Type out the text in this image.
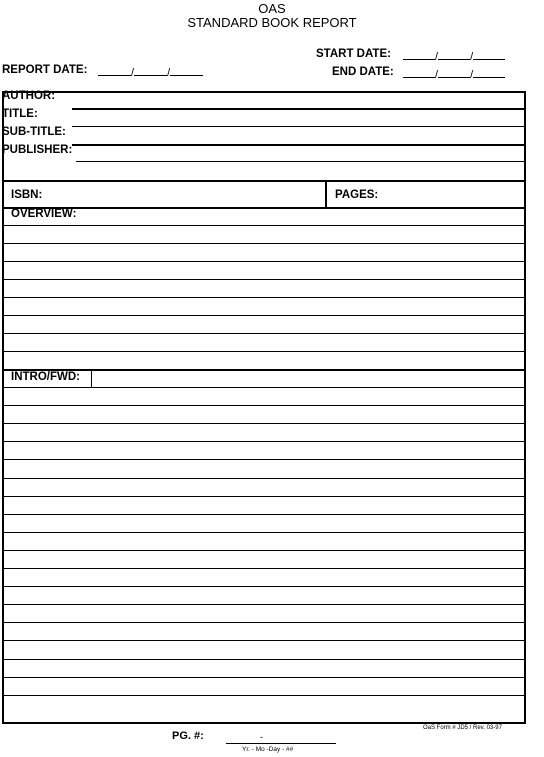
OAS
STANDARD BOOK REPORT
START DATE:	/	/
REPORT DATE:	/	/	END DATE:	/	/
AUTHOR:
TITLE:
SUB-TITLE:
PUBLISHER:
ISBN:	PAGES:
OVERVIEW:
INTRO/FWD:
PG. #:	-
Yr. - Mo -Day - ##
OaS Form # JD5 / Rev. 03-97
